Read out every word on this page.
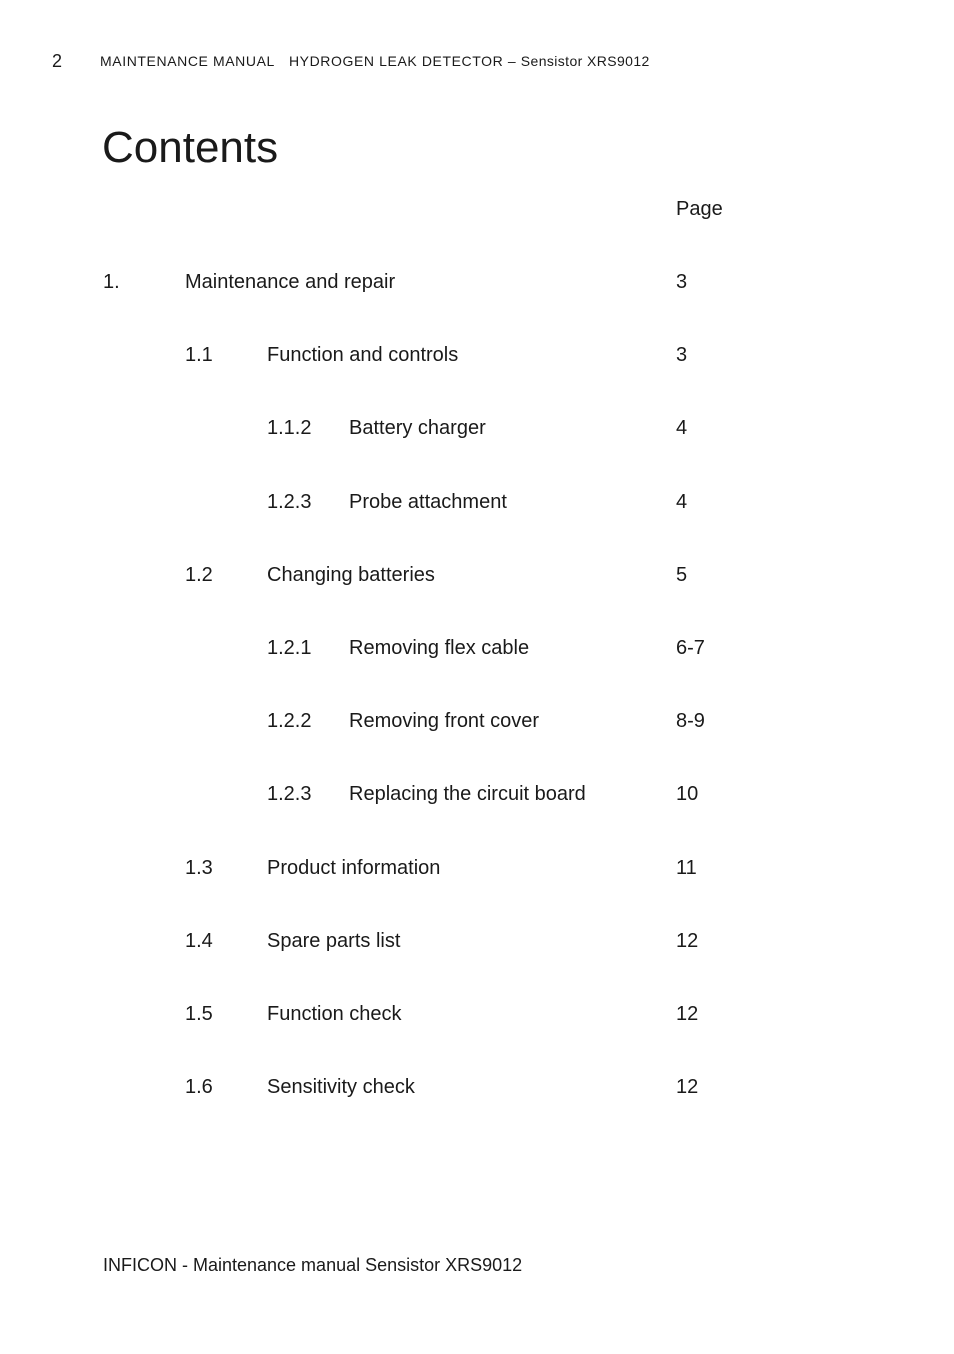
2	MAINTENANCE MANUAL HYDROGEN LEAK DETECTOR – Sensistor XRS9012
Contents
Page
1.	Maintenance and repair	3
1.1	Function and controls	3
1.1.2 Battery charger	4
1.2.3 Probe attachment	4
1.2	Changing batteries	5
1.2.1 Removing flex cable	6-7
1.2.2 Removing front cover	8-9
1.2.3 Replacing the circuit board	10
1.3	Product information	11
1.4	Spare parts list	12
1.5	Function check	12
1.6	Sensitivity check	12
INFICON - Maintenance manual Sensistor XRS9012
